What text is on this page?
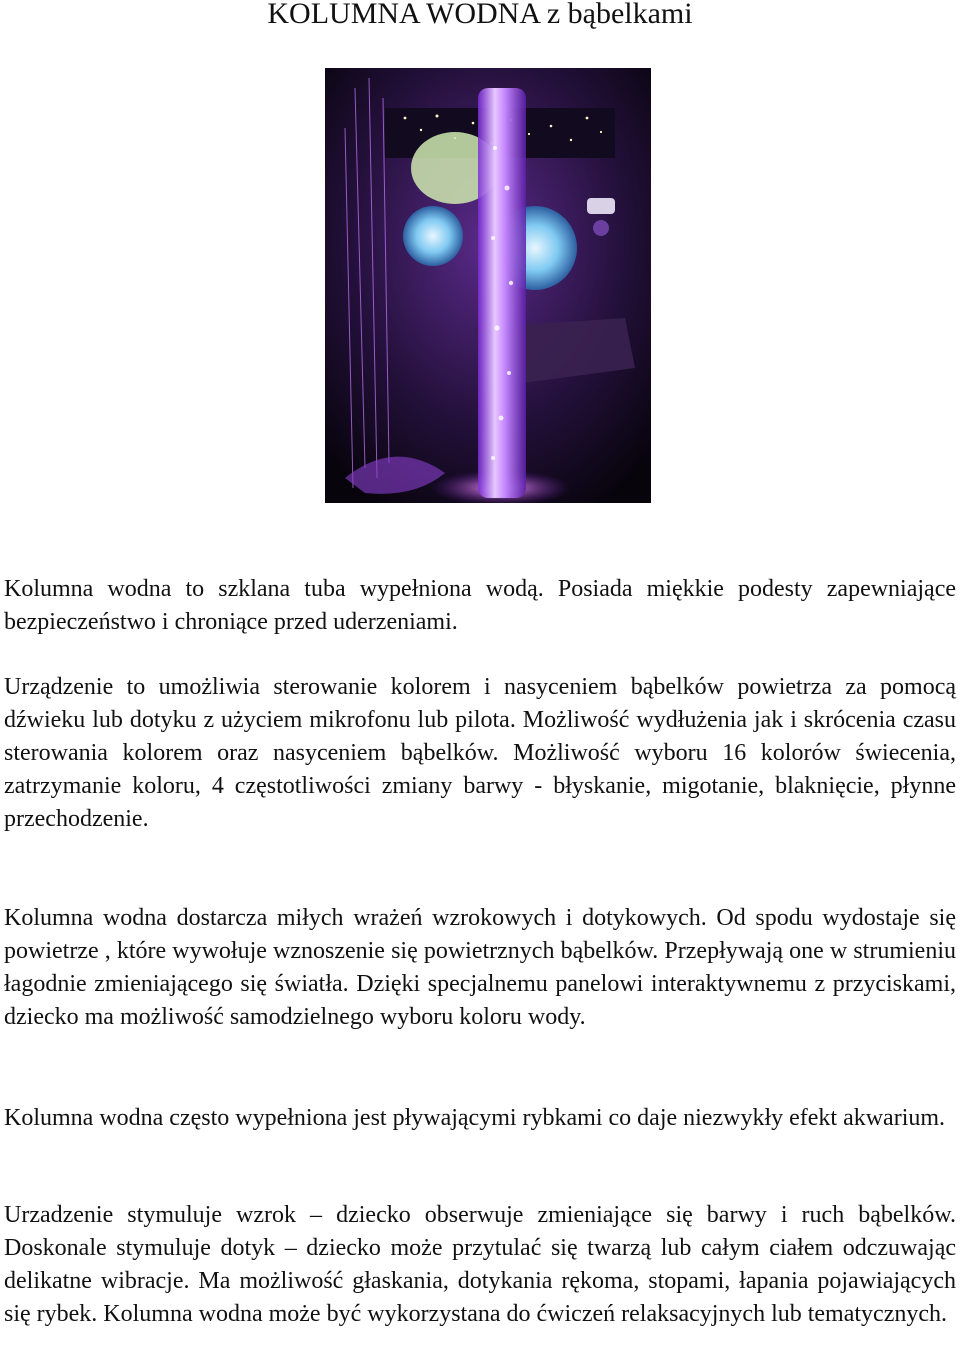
KOLUMNA WODNA z bąbelkami

Kolumna wodna to szklana tuba wypełniona wodą. Posiada miękkie podesty zapewniające bezpieczeństwo i chroniące przed uderzeniami.

Urządzenie to umożliwia sterowanie kolorem i nasyceniem bąbelków powietrza za pomocą dźwieku lub dotyku z użyciem mikrofonu lub pilota. Możliwość wydłużenia jak i skrócenia czasu sterowania kolorem oraz nasyceniem bąbelków. Możliwość wyboru 16 kolorów świecenia, zatrzymanie koloru, 4 częstotliwości zmiany barwy - błyskanie, migotanie, blaknięcie, płynne przechodzenie.

Kolumna wodna dostarcza miłych wrażeń wzrokowych i dotykowych. Od spodu wydostaje się powietrze , które wywołuje wznoszenie się powietrznych bąbelków. Przepływają one w strumieniu łagodnie zmieniającego się światła. Dzięki specjalnemu panelowi interaktywnemu z przyciskami, dziecko ma możliwość samodzielnego wyboru koloru wody.

Kolumna wodna często wypełniona jest pływającymi rybkami co daje niezwykły efekt akwarium.

Urzadzenie stymuluje wzrok – dziecko obserwuje zmieniające się barwy i ruch bąbelków. Doskonale stymuluje dotyk – dziecko może przytulać się twarzą lub całym ciałem odczuwając delikatne wibracje. Ma możliwość głaskania, dotykania rękoma, stopami, łapania pojawiających się rybek. Kolumna wodna może być wykorzystana do ćwiczeń relaksacyjnych lub tematycznych.
